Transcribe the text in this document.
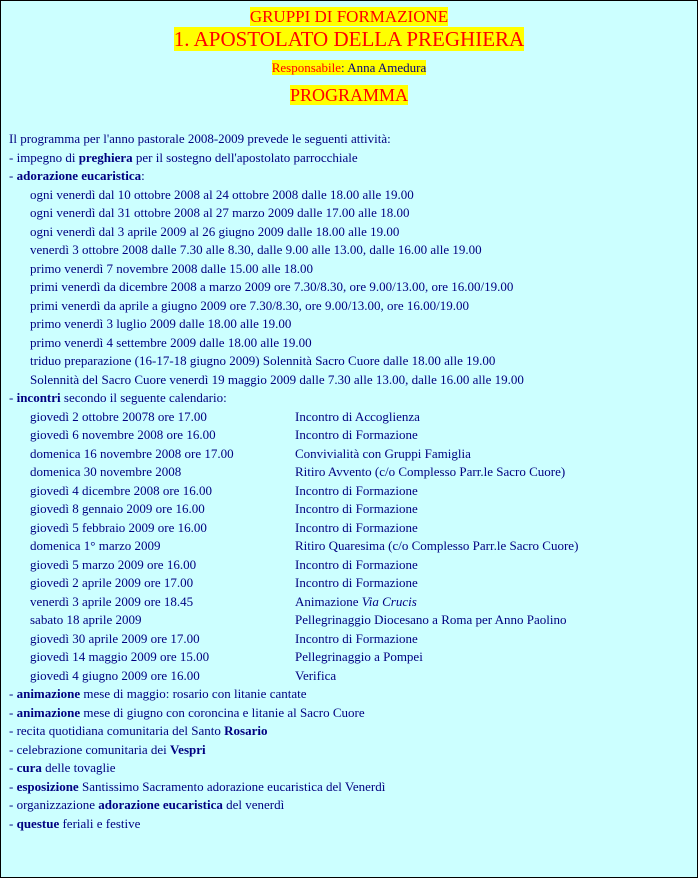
GRUPPI DI FORMAZIONE
1. APOSTOLATO DELLA PREGHIERA
Responsabile: Anna Amedura
PROGRAMMA
Il programma per l'anno pastorale 2008-2009 prevede le seguenti attività:
- impegno di preghiera per il sostegno dell'apostolato parrocchiale
- adorazione eucaristica:
ogni venerdì dal 10 ottobre 2008 al 24 ottobre 2008 dalle 18.00 alle 19.00
ogni venerdì dal 31 ottobre 2008 al 27 marzo 2009 dalle 17.00 alle 18.00
ogni venerdì dal 3 aprile 2009 al 26 giugno 2009 dalle 18.00 alle 19.00
venerdì 3 ottobre 2008 dalle 7.30 alle 8.30, dalle 9.00 alle 13.00, dalle 16.00 alle 19.00
primo venerdì 7 novembre 2008 dalle 15.00 alle 18.00
primi venerdì da dicembre 2008 a marzo 2009 ore 7.30/8.30, ore 9.00/13.00, ore 16.00/19.00
primi venerdì da aprile a giugno 2009 ore 7.30/8.30, ore 9.00/13.00, ore 16.00/19.00
primo venerdì 3 luglio 2009 dalle 18.00 alle 19.00
primo venerdì 4 settembre 2009 dalle 18.00 alle 19.00
triduo preparazione (16-17-18 giugno 2009) Solennità Sacro Cuore dalle 18.00 alle 19.00
Solennità del Sacro Cuore venerdì 19 maggio 2009 dalle 7.30 alle 13.00, dalle 16.00 alle 19.00
- incontri secondo il seguente calendario:
giovedì 2 ottobre 20078 ore 17.00	Incontro di Accoglienza
giovedì 6 novembre 2008 ore 16.00	Incontro di Formazione
domenica 16 novembre 2008 ore 17.00	Convivialità con Gruppi Famiglia
domenica 30 novembre 2008	Ritiro Avvento (c/o Complesso Parr.le Sacro Cuore)
giovedì 4 dicembre 2008 ore 16.00	Incontro di Formazione
giovedì 8 gennaio 2009 ore 16.00	Incontro di Formazione
giovedì 5 febbraio 2009 ore 16.00	Incontro di Formazione
domenica 1° marzo 2009	Ritiro Quaresima (c/o Complesso Parr.le Sacro Cuore)
giovedì 5 marzo 2009 ore 16.00	Incontro di Formazione
giovedì 2 aprile 2009 ore 17.00	Incontro di Formazione
venerdì 3 aprile 2009 ore 18.45	Animazione Via Crucis
sabato 18 aprile 2009	Pellegrinaggio Diocesano a Roma per Anno Paolino
giovedì 30 aprile 2009 ore 17.00	Incontro di Formazione
giovedì 14 maggio 2009 ore 15.00	Pellegrinaggio a Pompei
giovedì 4 giugno 2009 ore 16.00	Verifica
- animazione mese di maggio: rosario con litanie cantate
- animazione mese di giugno con coroncina e litanie al Sacro Cuore
- recita quotidiana comunitaria del Santo Rosario
- celebrazione comunitaria dei Vespri
- cura delle tovaglie
- esposizione Santissimo Sacramento adorazione eucaristica del Venerdì
- organizzazione adorazione eucaristica del venerdì
- questue feriali e festive
